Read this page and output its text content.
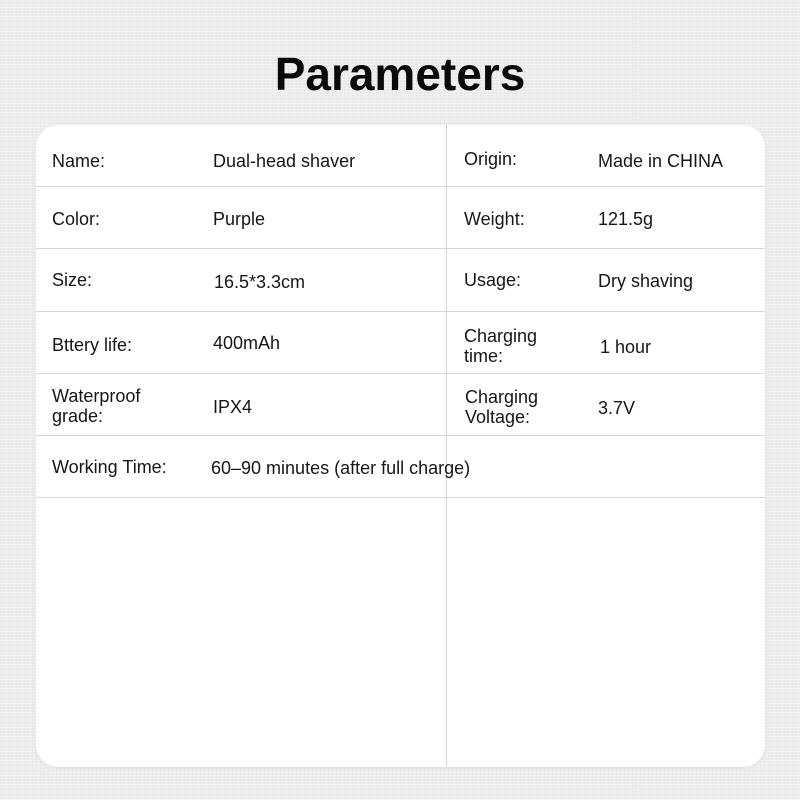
Parameters
Name:	Dual-head shaver	Origin:	Made in CHINA
Color:	Purple	Weight:	121.5g
Size:	16.5*3.3cm	Usage:	Dry shaving
Bttery life:	400mAh	Charging time:	1 hour
Waterproof grade:	IPX4	Charging Voltage:	3.7V
Working Time: 60–90 minutes (after full charge)
